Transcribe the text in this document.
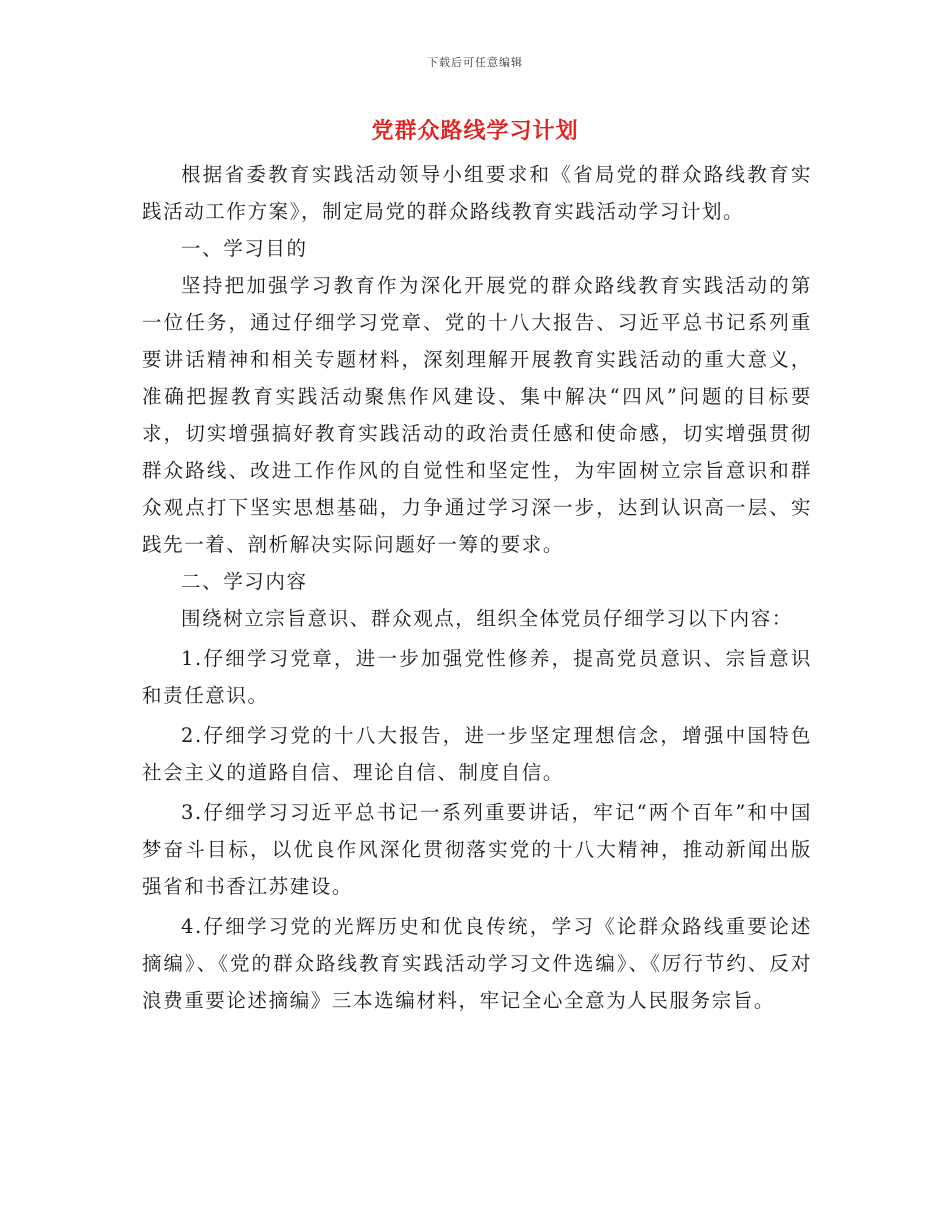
下载后可任意编辑
党群众路线学习计划

根据省委教育实践活动领导小组要求和《省局党的群众路线教育实践活动工作方案》，制定局党的群众路线教育实践活动学习计划。

一、学习目的

坚持把加强学习教育作为深化开展党的群众路线教育实践活动的第一位任务，通过仔细学习党章、党的十八大报告、习近平总书记系列重要讲话精神和相关专题材料，深刻理解开展教育实践活动的重大意义，准确把握教育实践活动聚焦作风建设、集中解决“四风”问题的目标要求，切实增强搞好教育实践活动的政治责任感和使命感，切实增强贯彻群众路线、改进工作作风的自觉性和坚定性，为牢固树立宗旨意识和群众观点打下坚实思想基础，力争通过学习深一步，达到认识高一层、实践先一着、剖析解决实际问题好一筹的要求。

二、学习内容

围绕树立宗旨意识、群众观点，组织全体党员仔细学习以下内容：

1.仔细学习党章，进一步加强党性修养，提高党员意识、宗旨意识和责任意识。

2.仔细学习党的十八大报告，进一步坚定理想信念，增强中国特色社会主义的道路自信、理论自信、制度自信。

3.仔细学习习近平总书记一系列重要讲话，牢记“两个百年”和中国梦奋斗目标，以优良作风深化贯彻落实党的十八大精神，推动新闻出版强省和书香江苏建设。

4.仔细学习党的光辉历史和优良传统，学习《论群众路线重要论述摘编》、《党的群众路线教育实践活动学习文件选编》、《厉行节约、反对浪费重要论述摘编》三本选编材料，牢记全心全意为人民服务宗旨。
